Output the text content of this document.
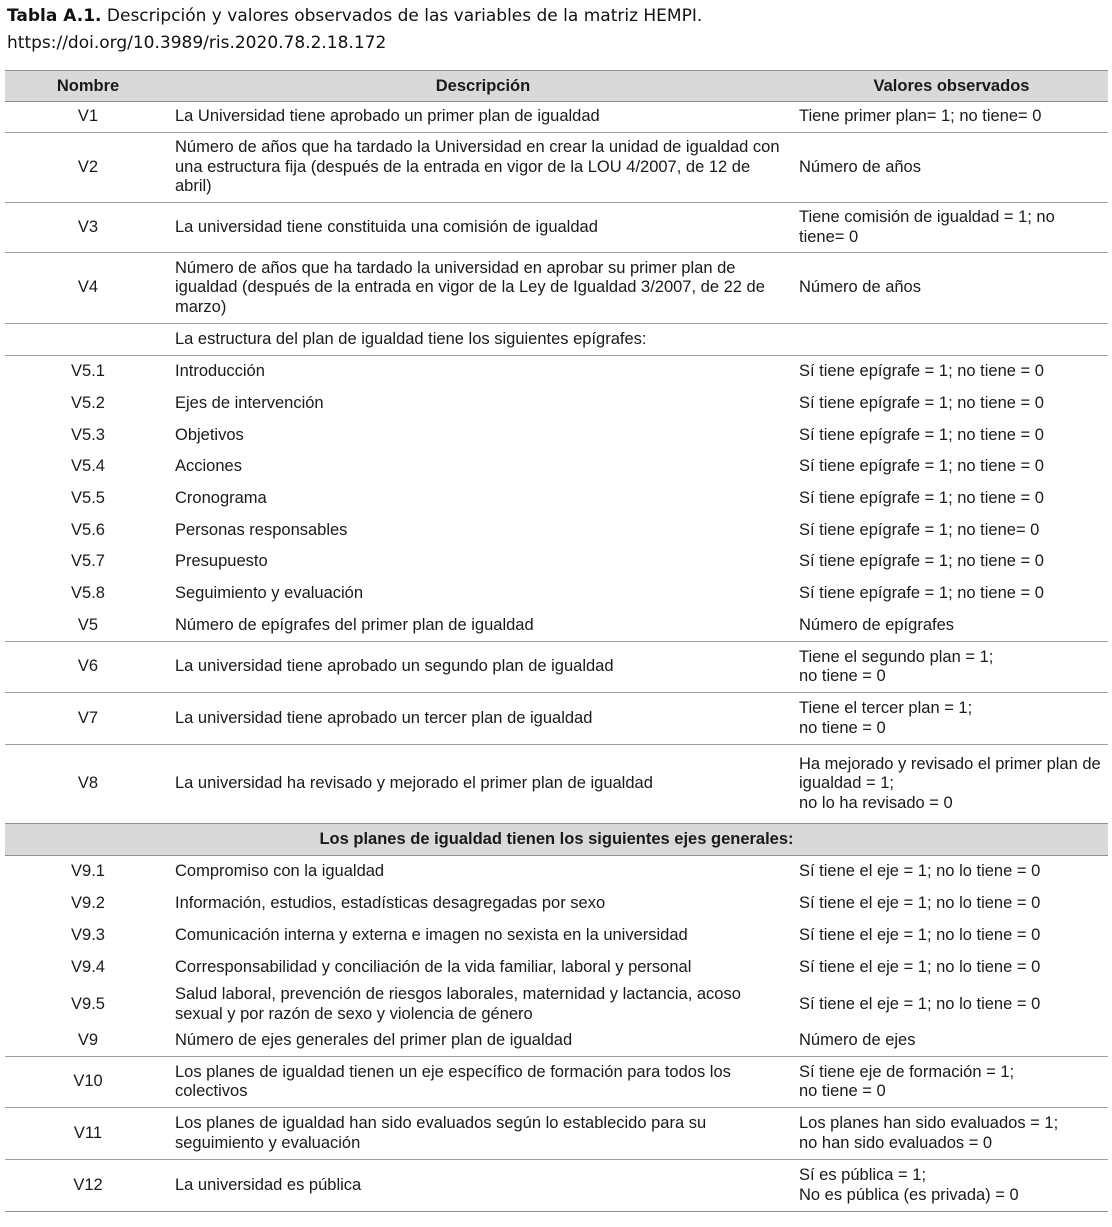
Tabla A.1. Descripción y valores observados de las variables de la matriz HEMPI.
https://doi.org/10.3989/ris.2020.78.2.18.172
Nombre	Descripción	Valores observados
V1	La Universidad tiene aprobado un primer plan de igualdad	Tiene primer plan= 1; no tiene= 0
V2	Número de años que ha tardado la Universidad en crear la unidad de igualdad con una estructura fija (después de la entrada en vigor de la LOU 4/2007, de 12 de abril)	Número de años
V3	La universidad tiene constituida una comisión de igualdad	Tiene comisión de igualdad = 1; no tiene= 0
V4	Número de años que ha tardado la universidad en aprobar su primer plan de igualdad (después de la entrada en vigor de la Ley de Igualdad 3/2007, de 22 de marzo)	Número de años
	La estructura del plan de igualdad tiene los siguientes epígrafes:	
V5.1	Introducción	Sí tiene epígrafe = 1; no tiene = 0
V5.2	Ejes de intervención	Sí tiene epígrafe = 1; no tiene = 0
V5.3	Objetivos	Sí tiene epígrafe = 1; no tiene = 0
V5.4	Acciones	Sí tiene epígrafe = 1; no tiene = 0
V5.5	Cronograma	Sí tiene epígrafe = 1; no tiene = 0
V5.6	Personas responsables	Sí tiene epígrafe = 1; no tiene= 0
V5.7	Presupuesto	Sí tiene epígrafe = 1; no tiene = 0
V5.8	Seguimiento y evaluación	Sí tiene epígrafe = 1; no tiene = 0
V5	Número de epígrafes del primer plan de igualdad	Número de epígrafes
V6	La universidad tiene aprobado un segundo plan de igualdad	Tiene el segundo plan = 1;
no tiene = 0
V7	La universidad tiene aprobado un tercer plan de igualdad	Tiene el tercer plan = 1;
no tiene = 0
V8	La universidad ha revisado y mejorado el primer plan de igualdad	Ha mejorado y revisado el primer plan de igualdad = 1;
no lo ha revisado = 0
Los planes de igualdad tienen los siguientes ejes generales:		
V9.1	Compromiso con la igualdad	Sí tiene el eje = 1; no lo tiene = 0
V9.2	Información, estudios, estadísticas desagregadas por sexo	Sí tiene el eje = 1; no lo tiene = 0
V9.3	Comunicación interna y externa e imagen no sexista en la universidad	Sí tiene el eje = 1; no lo tiene = 0
V9.4	Corresponsabilidad y conciliación de la vida familiar, laboral y personal	Sí tiene el eje = 1; no lo tiene = 0
V9.5	Salud laboral, prevención de riesgos laborales, maternidad y lactancia, acoso sexual y por razón de sexo y violencia de género	Sí tiene el eje = 1; no lo tiene = 0
V9	Número de ejes generales del primer plan de igualdad	Número de ejes
V10	Los planes de igualdad tienen un eje específico de formación para todos los colectivos	Sí tiene eje de formación = 1;
no tiene = 0
V11	Los planes de igualdad han sido evaluados según lo establecido para su seguimiento y evaluación	Los planes han sido evaluados = 1;
no han sido evaluados = 0
V12	La universidad es pública	Sí es pública = 1;
No es pública (es privada) = 0
